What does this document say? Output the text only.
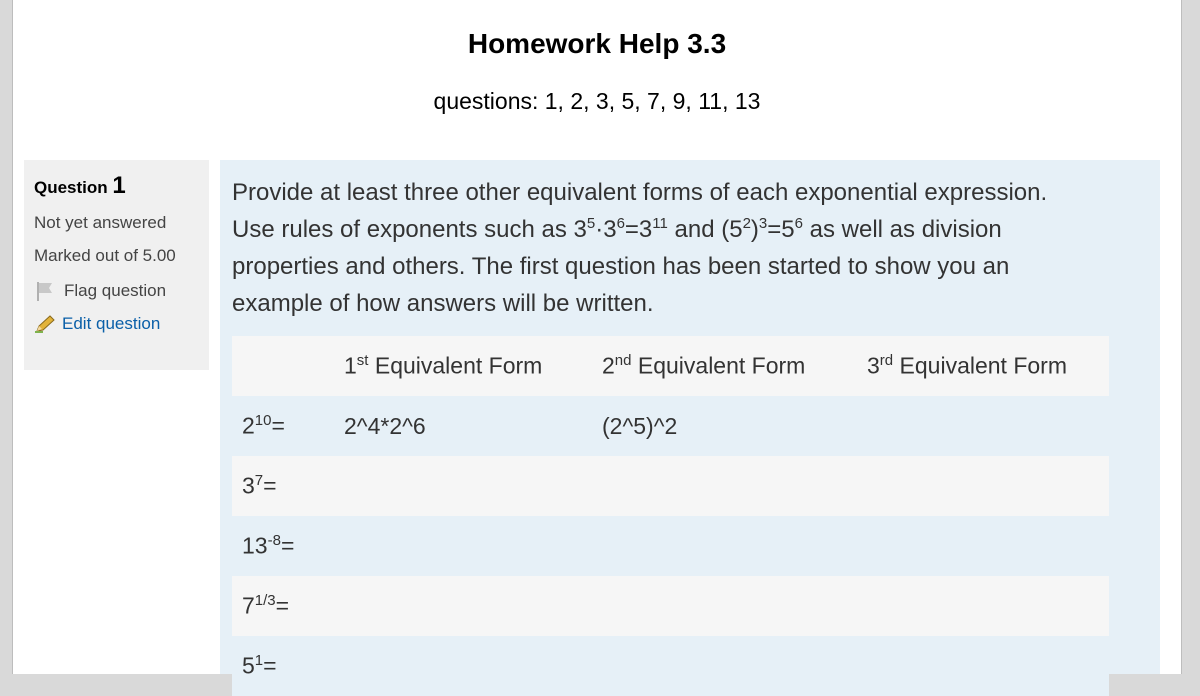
Homework Help 3.3
questions: 1, 2, 3, 5, 7, 9, 11, 13
Question 1
Not yet answered
Marked out of 5.00
Flag question
Edit question
Provide at least three other equivalent forms of each exponential expression.
Use rules of exponents such as $3^5\cdot 3^6=3^{11}$ and $(5^2)^3=5^6$ as well as division
properties and others. The first question has been started to show you an
example of how answers will be written.
	1st Equivalent Form	2nd Equivalent Form	3rd Equivalent Form
$2^{10}=$	2^4*2^6	(2^5)^2	
$3^7=$			
$13^{-8}=$			
$7^{1/3}=$			
$5^1=$			
